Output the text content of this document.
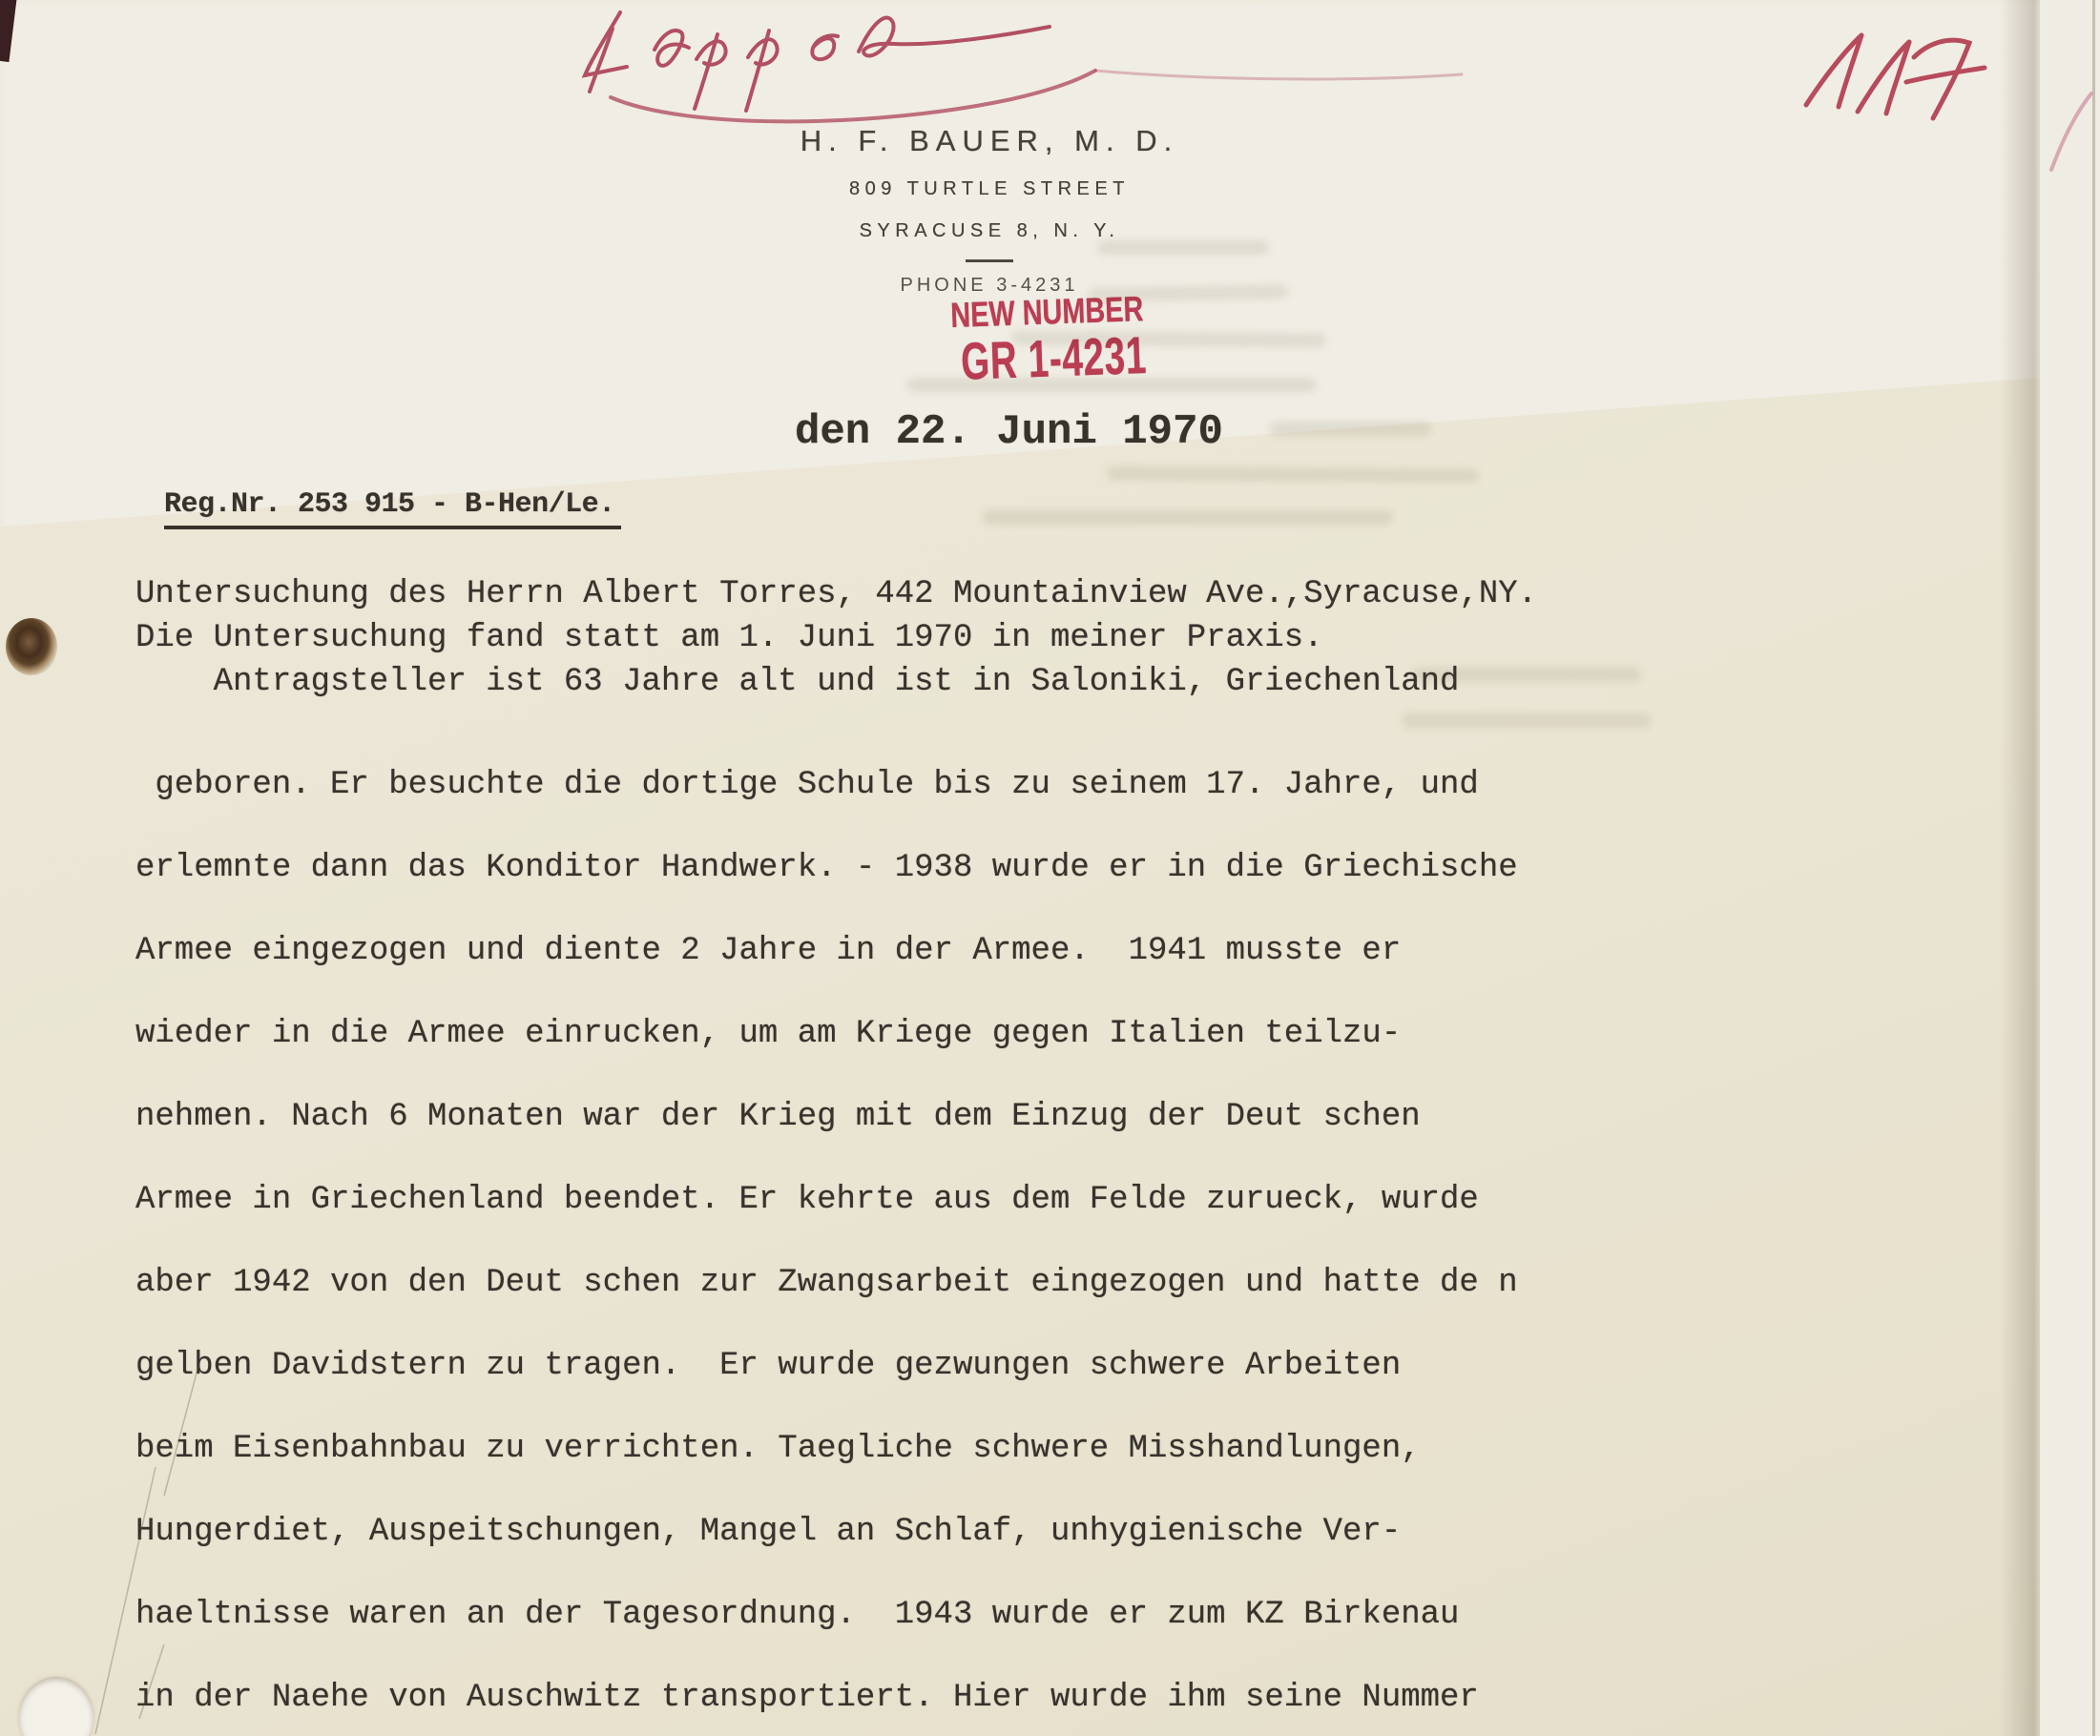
H. F. BAUER, M. D.
809 TURTLE STREET
SYRACUSE 8, N. Y.
PHONE 3-4231
NEW NUMBER
GR 1-4231
den 22. Juni 1970
Reg.Nr. 253 915 - B-Hen/Le.
Untersuchung des Herrn Albert Torres, 442 Mountainview Ave.,Syracuse,NY.
Die Untersuchung fand statt am 1. Juni 1970 in meiner Praxis.
Antragsteller ist 63 Jahre alt und ist in Saloniki, Griechenland
geboren. Er besuchte die dortige Schule bis zu seinem 17. Jahre, und
erlemnte dann das Konditor Handwerk. - 1938 wurde er in die Griechische
Armee eingezogen und diente 2 Jahre in der Armee.  1941 musste er
wieder in die Armee einrucken, um am Kriege gegen Italien teilzu-
nehmen. Nach 6 Monaten war der Krieg mit dem Einzug der Deut schen
Armee in Griechenland beendet. Er kehrte aus dem Felde zurueck, wurde
aber 1942 von den Deut schen zur Zwangsarbeit eingezogen und hatte de n
gelben Davidstern zu tragen.  Er wurde gezwungen schwere Arbeiten
beim Eisenbahnbau zu verrichten. Taegliche schwere Misshandlungen,
Hungerdiet, Auspeitschungen, Mangel an Schlaf, unhygienische Ver-
haeltnisse waren an der Tagesordnung.  1943 wurde er zum KZ Birkenau
in der Naehe von Auschwitz transportiert. Hier wurde ihm seine Nummer
